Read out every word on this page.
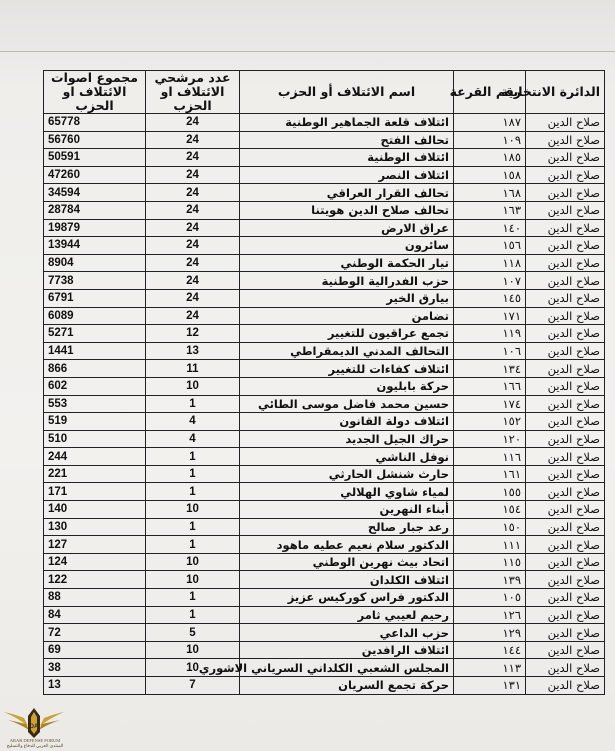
الدائرة الانتخابية	رقم القرعة	اسم الائتلاف أو الحزب	عدد مرشحي الائتلاف او الحزب	مجموع اصوات الائتلاف او الحزب
صلاح الدين	١٨٧	ائتلاف قلعة الجماهير الوطنية	24	65778
صلاح الدين	١٠٩	تحالف الفتح	24	56760
صلاح الدين	١٨٥	ائتلاف الوطنية	24	50591
صلاح الدين	١٥٨	ائتلاف النصر	24	47260
صلاح الدين	١٦٨	تحالف القرار العراقي	24	34594
صلاح الدين	١٦٣	تحالف صلاح الدين هويتنا	24	28784
صلاح الدين	١٤٠	عراق الارض	24	19879
صلاح الدين	١٥٦	سائرون	24	13944
صلاح الدين	١١٨	تيار الحكمة الوطني	24	8904
صلاح الدين	١٠٧	حزب الفدرالية الوطنية	24	7738
صلاح الدين	١٤٥	بيارق الخير	24	6791
صلاح الدين	١٧١	تضامن	24	6089
صلاح الدين	١١٩	تجمع عراقيون للتغيير	12	5271
صلاح الدين	١٠٦	التحالف المدني الديمقراطي	13	1441
صلاح الدين	١٣٤	ائتلاف كفاءات للتغيير	11	866
صلاح الدين	١٦٦	حركة بابليون	10	602
صلاح الدين	١٧٤	حسين محمد فاضل موسى الطائي	1	553
صلاح الدين	١٥٢	ائتلاف دولة القانون	4	519
صلاح الدين	١٢٠	حراك الجيل الجديد	4	510
صلاح الدين	١١٦	نوفل الناشي	1	244
صلاح الدين	١٦١	حارث شنشل الحارثي	1	221
صلاح الدين	١٥٥	لمياء شاوي الهلالي	1	171
صلاح الدين	١٥٤	أبناء النهرين	10	140
صلاح الدين	١٥٠	رعد جبار صالح	1	130
صلاح الدين	١١١	الدكتور سلام نعيم عطيه ماهود	1	127
صلاح الدين	١١٥	اتحاد بيث نهرين الوطني	10	124
صلاح الدين	١٣٩	ائتلاف الكلدان	10	122
صلاح الدين	١٠٥	الدكتور فراس كوركيس عزيز	1	88
صلاح الدين	١٢٦	رحيم لعيبي ثامر	1	84
صلاح الدين	١٢٩	حزب الداعي	5	72
صلاح الدين	١٤٤	ائتلاف الرافدين	10	69
صلاح الدين	١١٣	المجلس الشعبي الكلداني السرياني الاشوري	10	38
صلاح الدين	١٣١	حركة تجمع السريان	7	13
DA
ARAB DEFENSE FORUM
المنتدى العربي للدفاع والتسليح
